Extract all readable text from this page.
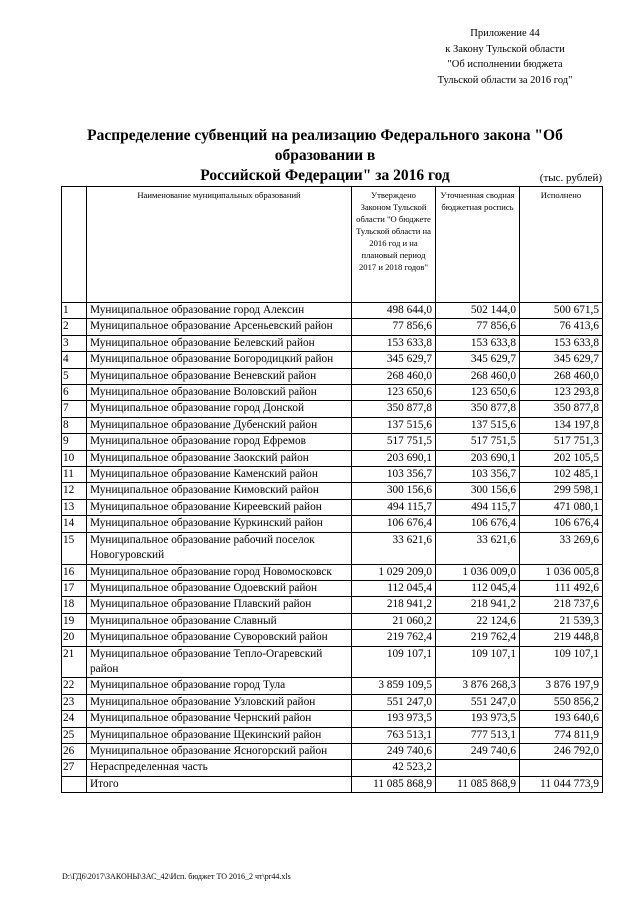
Приложение 44
к Закону Тульской области
"Об исполнении бюджета
Тульской области за 2016 год"
Распределение субвенций на реализацию Федерального закона "Об образовании в
Российской Федерации" за 2016 год	(тыс. рублей)
	Наименование муниципальных образований	Утверждено Законом Тульской области "О бюджете Тульской области на 2016 год и на плановый период 2017 и 2018 годов"	Уточненная сводная бюджетная роспись	Исполнено
1	Муниципальное образование город Алексин	498 644,0	502 144,0	500 671,5
2	Муниципальное образование Арсеньевский район	77 856,6	77 856,6	76 413,6
3	Муниципальное образование Белевский район	153 633,8	153 633,8	153 633,8
4	Муниципальное образование Богородицкий район	345 629,7	345 629,7	345 629,7
5	Муниципальное образование Веневский район	268 460,0	268 460,0	268 460,0
6	Муниципальное образование Воловский район	123 650,6	123 650,6	123 293,8
7	Муниципальное образование город Донской	350 877,8	350 877,8	350 877,8
8	Муниципальное образование Дубенский район	137 515,6	137 515,6	134 197,8
9	Муниципальное образование город Ефремов	517 751,5	517 751,5	517 751,3
10	Муниципальное образование Заокский район	203 690,1	203 690,1	202 105,5
11	Муниципальное образование Каменский район	103 356,7	103 356,7	102 485,1
12	Муниципальное образование Кимовский район	300 156,6	300 156,6	299 598,1
13	Муниципальное образование Киреевский район	494 115,7	494 115,7	471 080,1
14	Муниципальное образование Куркинский район	106 676,4	106 676,4	106 676,4
15	Муниципальное образование рабочий поселок Новогуровский	33 621,6	33 621,6	33 269,6
16	Муниципальное образование город Новомосковск	1 029 209,0	1 036 009,0	1 036 005,8
17	Муниципальное образование Одоевский район	112 045,4	112 045,4	111 492,6
18	Муниципальное образование Плавский район	218 941,2	218 941,2	218 737,6
19	Муниципальное образование Славный	21 060,2	22 124,6	21 539,3
20	Муниципальное образование Суворовский район	219 762,4	219 762,4	219 448,8
21	Муниципальное образование Тепло-Огаревский район	109 107,1	109 107,1	109 107,1
22	Муниципальное образование город Тула	3 859 109,5	3 876 268,3	3 876 197,9
23	Муниципальное образование Узловский район	551 247,0	551 247,0	550 856,2
24	Муниципальное образование Чернский район	193 973,5	193 973,5	193 640,6
25	Муниципальное образование Щекинский район	763 513,1	777 513,1	774 811,9
26	Муниципальное образование Ясногорский район	249 740,6	249 740,6	246 792,0
27	Нераспределенная часть	42 523,2		
	Итого	11 085 868,9	11 085 868,9	11 044 773,9
D:\ГД6\2017\ЗАКОНЫ\ЗАС_42\Исп. бюджет ТО 2016_2 чт\pr44.xls
